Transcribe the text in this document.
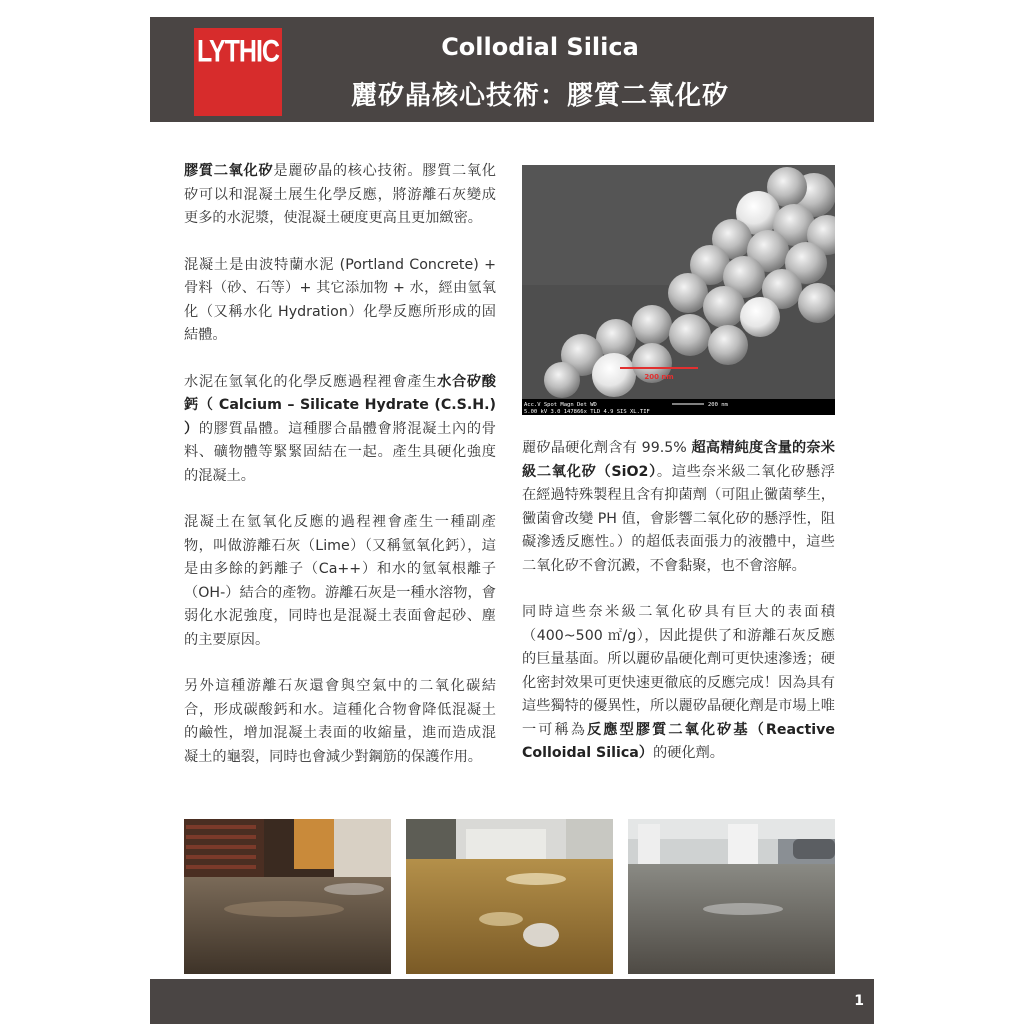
LYTHIC	Collodial Silica
麗矽晶核心技術：膠質二氧化矽

膠質二氧化矽是麗矽晶的核心技術。膠質二氧化矽可以和混凝土展生化學反應，將游離石灰變成更多的水泥漿，使混凝土硬度更高且更加緻密。

混凝土是由波特蘭水泥 (Portland Concrete) + 骨料（砂、石等）+ 其它添加物 + 水，經由氫氧化（又稱水化 Hydration）化學反應所形成的固結體。

水泥在氫氧化的化學反應過程裡會產生水合矽酸鈣（ Calcium – Silicate Hydrate (C.S.H.) ）的膠質晶體。這種膠合晶體會將混凝土內的骨料、礦物體等緊緊固結在一起。產生具硬化強度的混凝土。

混凝土在氫氧化反應的過程裡會產生一種副產物，叫做游離石灰（Lime）（又稱氫氧化鈣），這是由多餘的鈣離子（Ca++）和水的氫氧根離子（OH-）結合的產物。游離石灰是一種水溶物，會弱化水泥強度，同時也是混凝土表面會起砂、塵的主要原因。

另外這種游離石灰還會與空氣中的二氧化碳結合，形成碳酸鈣和水。這種化合物會降低混凝土的鹼性，增加混凝土表面的收縮量，進而造成混凝土的龜裂，同時也會減少對鋼筋的保護作用。

200 nm
Acc.V Spot Magn Det WD
5.00 kV 3.0 147866x TLD 4.9 SIS XL.TIF
200 nm

麗矽晶硬化劑含有 99.5% 超高精純度含量的奈米級二氧化矽（SiO2）。這些奈米級二氧化矽懸浮在經過特殊製程且含有抑菌劑（可阻止黴菌孳生，黴菌會改變 PH 值，會影響二氧化矽的懸浮性，阻礙滲透反應性。）的超低表面張力的液體中，這些二氧化矽不會沉澱，不會黏聚，也不會溶解。

同時這些奈米級二氧化矽具有巨大的表面積（400~500 ㎡/g），因此提供了和游離石灰反應的巨量基面。所以麗矽晶硬化劑可更快速滲透；硬化密封效果可更快速更徹底的反應完成！因為具有這些獨特的優異性，所以麗矽晶硬化劑是市場上唯一可稱為反應型膠質二氧化矽基（Reactive Colloidal Silica）的硬化劑。

1
